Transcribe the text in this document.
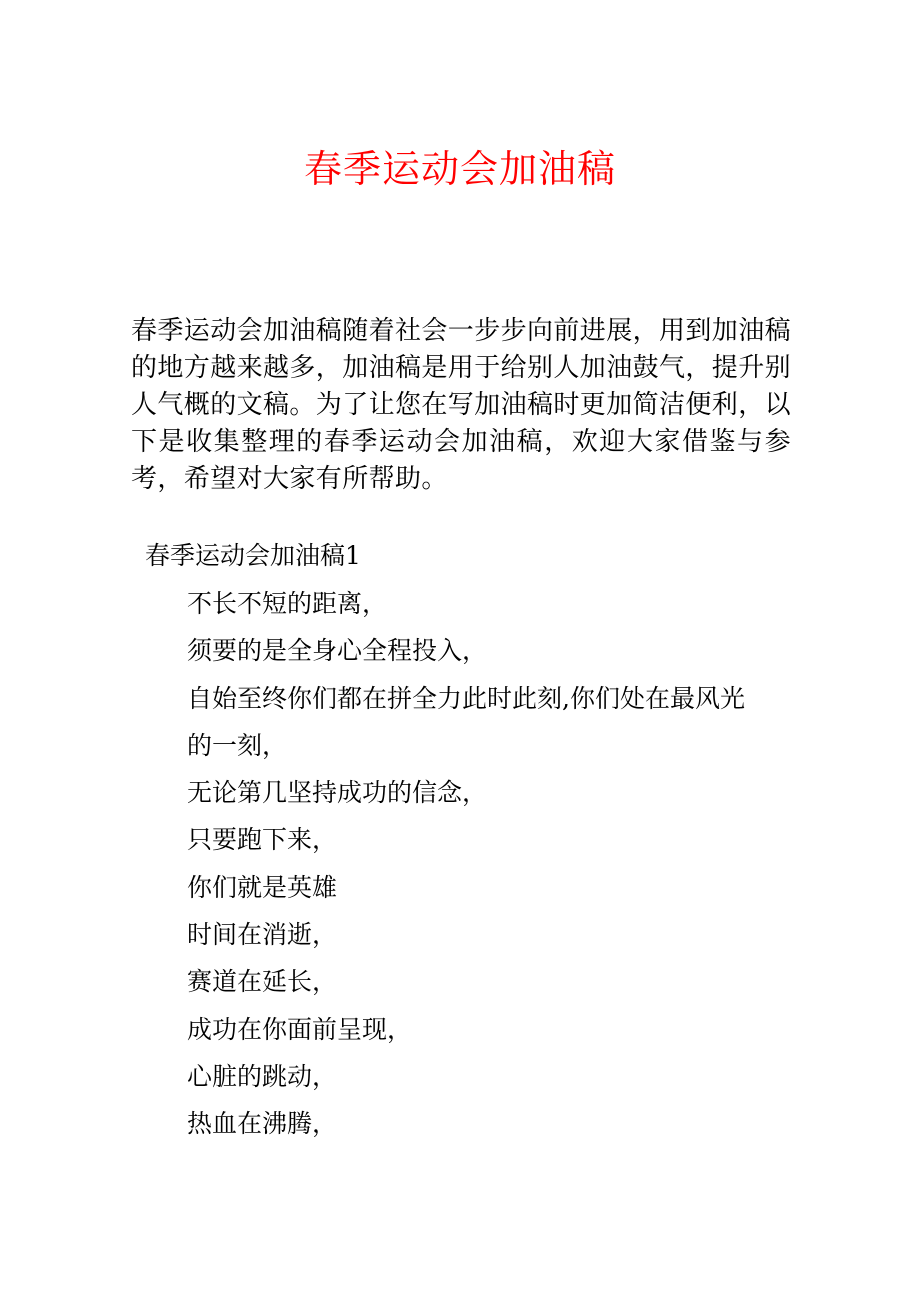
春季运动会加油稿

春季运动会加油稿随着社会一步步向前进展，用到加油稿的地方越来越多，加油稿是用于给别人加油鼓气，提升别人气概的文稿。为了让您在写加油稿时更加简洁便利，以下是收集整理的春季运动会加油稿，欢迎大家借鉴与参考，希望对大家有所帮助。

春季运动会加油稿1
不长不短的距离，
须要的是全身心全程投入，
自始至终你们都在拼全力此时此刻,你们处在最风光
的一刻，
无论第几坚持成功的信念，
只要跑下来，
你们就是英雄
时间在消逝，
赛道在延长，
成功在你面前呈现，
心脏的跳动，
热血在沸腾，
